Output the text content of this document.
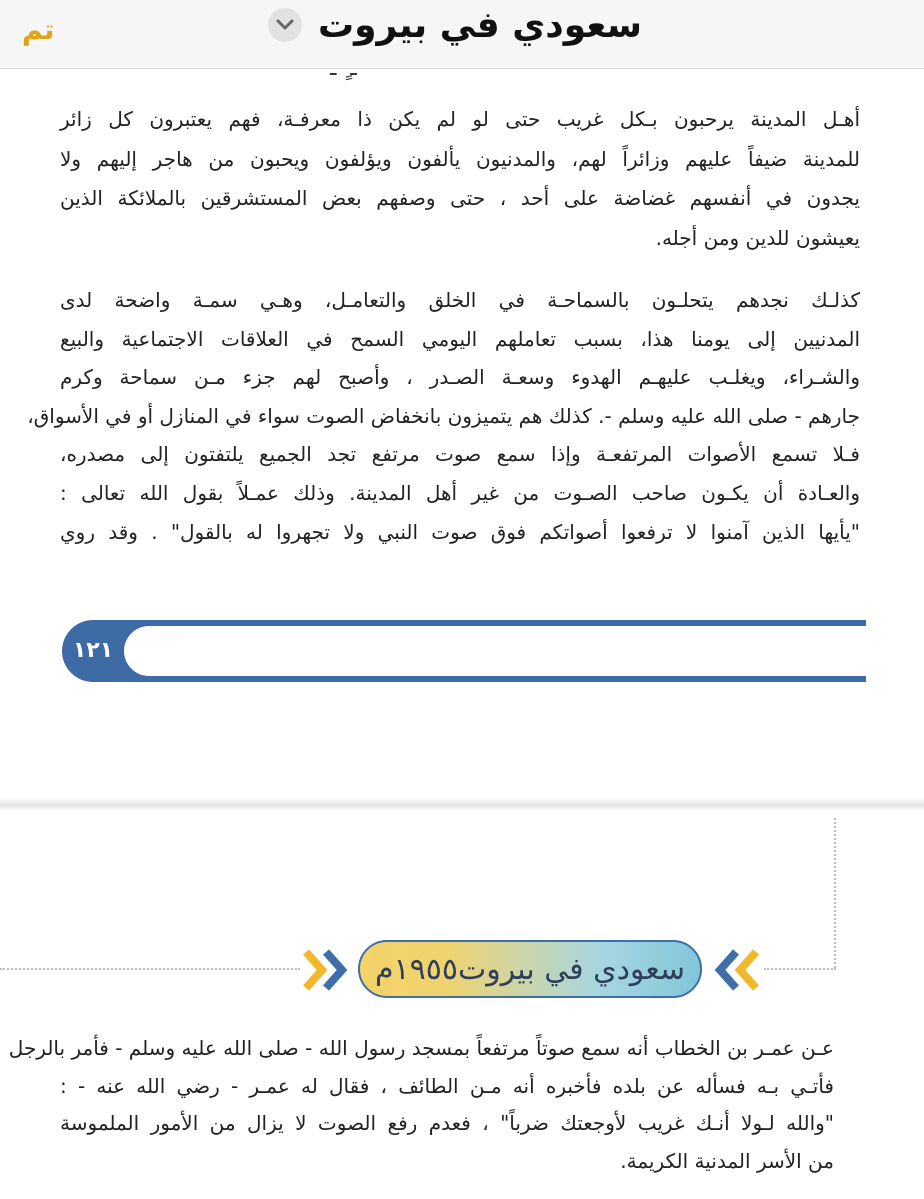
تم	سعودي في بيروت
ـ ٍ ـ
أهـل المدينة يرحبون بـكل غريب حتى لو لم يكن ذا معرفـة، فهم يعتبرون كل زائر
للمدينة ضيفاً عليهم وزائراً لهم، والمدنيون يألفون ويؤلفون ويحبون من هاجر إليهم ولا
يجدون في أنفسهم غضاضة على أحد ، حتى وصفهم بعض المستشرقين بالملائكة الذين
يعيشون للدين ومن أجله.
كذلـك نجدهم يتحلـون بالسماحـة في الخلق والتعامـل، وهـي سمـة واضحة لدى
المدنيين إلى يومنا هذا، بسبب تعاملهم اليومي السمح في العلاقات الاجتماعية والبيع
والشـراء، ويغلـب عليهـم الهدوء وسعـة الصـدر ، وأصبح لهم جزء مـن سماحة وكرم
جارهم - صلى الله عليه وسلم -. كذلك هم يتميزون بانخفاض الصوت سواء في المنازل أو في الأسواق،
فـلا تسمع الأصوات المرتفعـة وإذا سمع صوت مرتفع تجد الجميع يلتفتون إلى مصدره،
والعـادة أن يكـون صاحب الصـوت من غير أهل المدينة. وذلك عمـلاً بقول الله تعالى :
"يأيها الذين آمنوا لا ترفعوا أصواتكم فوق صوت النبي ولا تجهروا له بالقول" . وقد روي
١٢١
سعودي في بيروت١٩٥٥م
عـن عمـر بن الخطاب أنه سمع صوتاً مرتفعاً بمسجد رسول الله - صلى الله عليه وسلم - فأمر بالرجل
فأتـي بـه فسأله عن بلده فأخبره أنه مـن الطائف ، فقال له عمـر - رضي الله عنه - :
"والله لـولا أنـك غريب لأوجعتك ضرباً" ، فعدم رفع الصوت لا يزال من الأمور الملموسة
من الأسر المدنية الكريمة.
